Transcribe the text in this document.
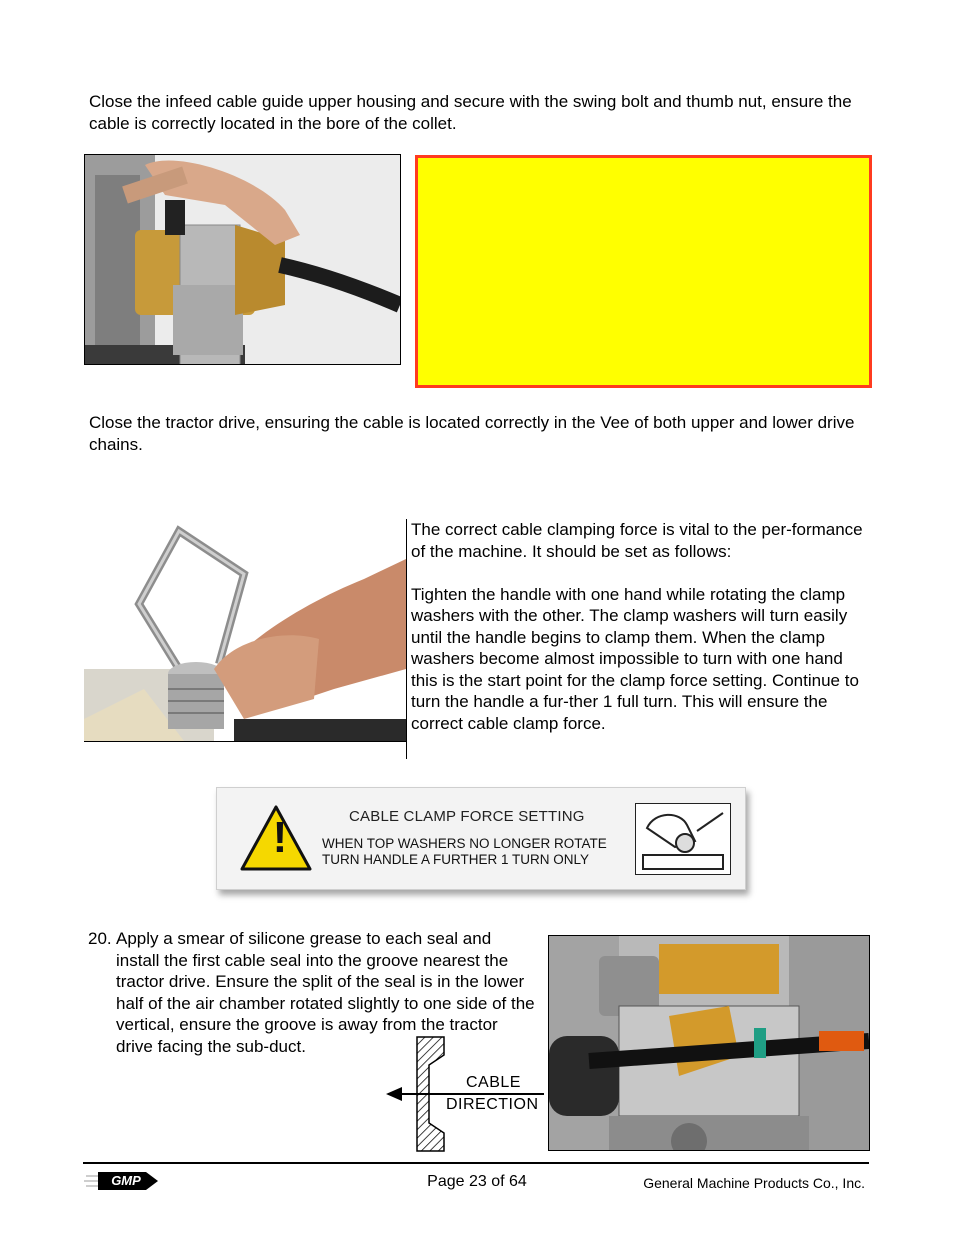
Close the infeed cable guide upper housing and secure with the swing bolt and thumb nut, ensure the cable is correctly located in the bore of the collet.
Close the tractor drive, ensuring the cable is located correctly in the Vee of both upper and lower drive chains.

The correct cable clamping force is vital to the per-formance of the machine. It should be set as follows:

Tighten the handle with one hand while rotating the clamp washers with the other. The clamp washers will turn easily until the handle begins to clamp them. When the clamp washers become almost impossible to turn with one hand this is the start point for the clamp force setting. Continue to turn the handle a fur-ther 1 full turn. This will ensure the correct cable clamp force.

!	CABLE CLAMP FORCE SETTING
WHEN TOP WASHERS NO LONGER ROTATE
TURN HANDLE A FURTHER 1 TURN ONLY
20. Apply a smear of silicone grease to each seal and install the first cable seal into the groove nearest the tractor drive. Ensure the split of the seal is in the lower half of the air chamber rotated slightly to one side of the vertical, ensure the groove is away from the tractor drive facing the sub-duct.
CABLE
DIRECTION
GMP	Page 23 of 64	General Machine Products Co., Inc.
